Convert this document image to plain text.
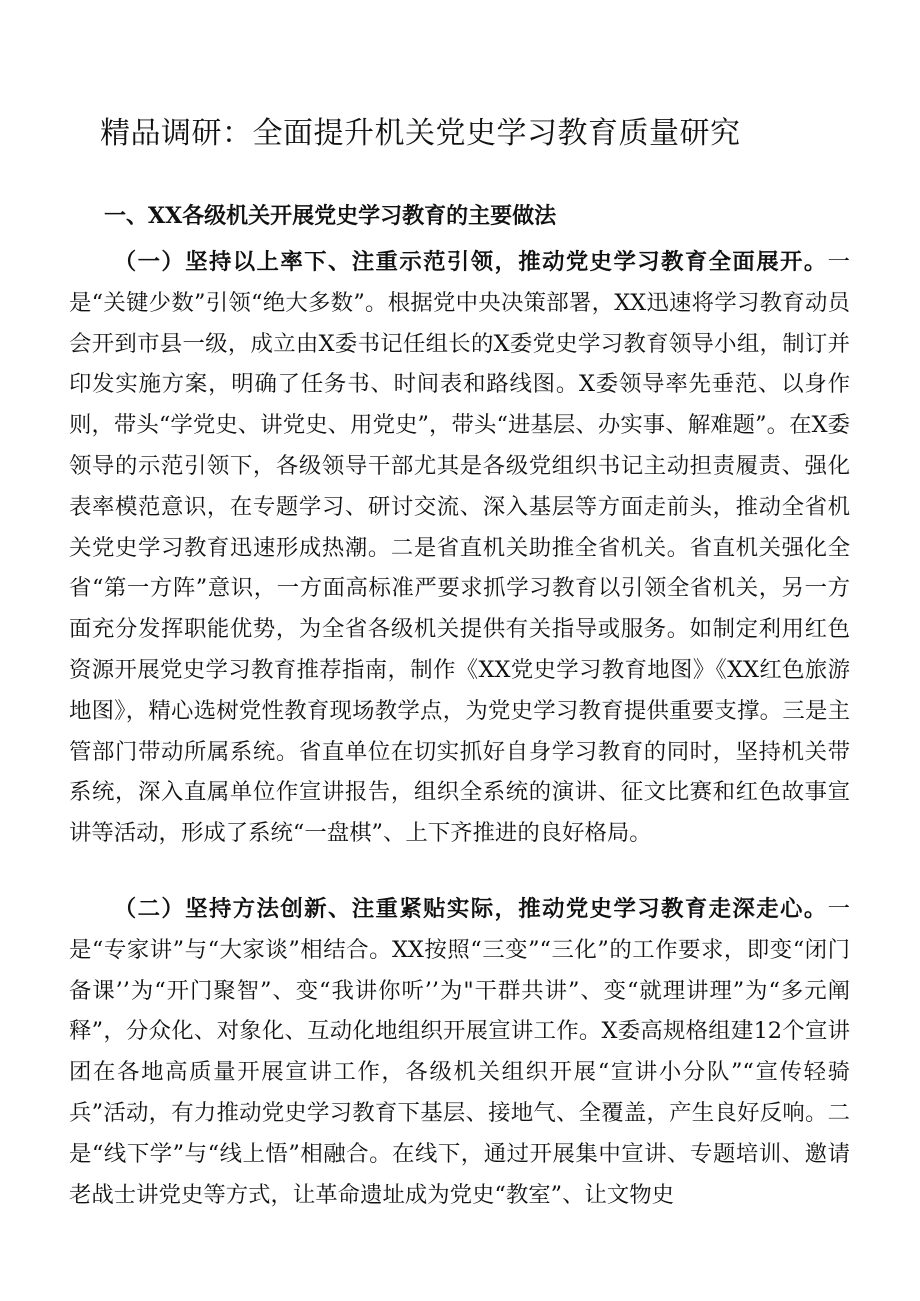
精品调研：全面提升机关党史学习教育质量研究
一、XX各级机关开展党史学习教育的主要做法

（一）坚持以上率下、注重示范引领，推动党史学习教育全面展开。一是“关键少数”引领“绝大多数”。根据党中央决策部署，XX迅速将学习教育动员会开到市县一级，成立由X委书记任组长的X委党史学习教育领导小组，制订并印发实施方案，明确了任务书、时间表和路线图。X委领导率先垂范、以身作则，带头“学党史、讲党史、用党史”，带头“进基层、办实事、解难题”。在X委领导的示范引领下，各级领导干部尤其是各级党组织书记主动担责履责、强化表率模范意识，在专题学习、研讨交流、深入基层等方面走前头，推动全省机关党史学习教育迅速形成热潮。二是省直机关助推全省机关。省直机关强化全省“第一方阵”意识，一方面高标准严要求抓学习教育以引领全省机关，另一方面充分发挥职能优势，为全省各级机关提供有关指导或服务。如制定利用红色资源开展党史学习教育推荐指南，制作《XX党史学习教育地图》《XX红色旅游地图》，精心选树党性教育现场教学点，为党史学习教育提供重要支撑。三是主管部门带动所属系统。省直单位在切实抓好自身学习教育的同时，坚持机关带系统，深入直属单位作宣讲报告，组织全系统的演讲、征文比赛和红色故事宣讲等活动，形成了系统“一盘棋”、上下齐推进的良好格局。

（二）坚持方法创新、注重紧贴实际，推动党史学习教育走深走心。一是“专家讲”与“大家谈”相结合。XX按照“三变”“三化”的工作要求，即变“闭门备课’’为“开门聚智”、变“我讲你听’’为"干群共讲”、变“就理讲理”为“多元阐释”，分众化、对象化、互动化地组织开展宣讲工作。X委高规格组建12个宣讲团在各地高质量开展宣讲工作，各级机关组织开展“宣讲小分队”“宣传轻骑兵”活动，有力推动党史学习教育下基层、接地气、全覆盖，产生良好反响。二是“线下学”与“线上悟”相融合。在线下，通过开展集中宣讲、专题培训、邀请老战士讲党史等方式，让革命遗址成为党史“教室”、让文物史
